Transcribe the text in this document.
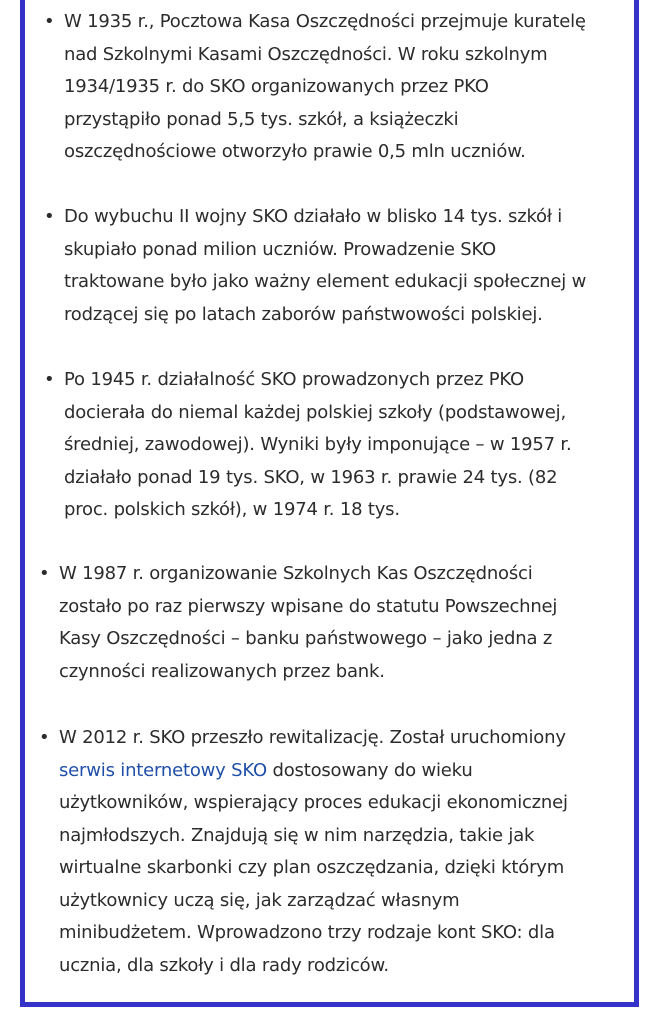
• W 1935 r., Pocztowa Kasa Oszczędności przejmuje kuratelę
nad Szkolnymi Kasami Oszczędności. W roku szkolnym
1934/1935 r. do SKO organizowanych przez PKO
przystąpiło ponad 5,5 tys. szkół, a książeczki
oszczędnościowe otworzyło prawie 0,5 mln uczniów.
• Do wybuchu II wojny SKO działało w blisko 14 tys. szkół i
skupiało ponad milion uczniów. Prowadzenie SKO
traktowane było jako ważny element edukacji społecznej w
rodzącej się po latach zaborów państwowości polskiej.
• Po 1945 r. działalność SKO prowadzonych przez PKO
docierała do niemal każdej polskiej szkoły (podstawowej,
średniej, zawodowej). Wyniki były imponujące – w 1957 r.
działało ponad 19 tys. SKO, w 1963 r. prawie 24 tys. (82
proc. polskich szkół), w 1974 r. 18 tys.
• W 1987 r. organizowanie Szkolnych Kas Oszczędności
zostało po raz pierwszy wpisane do statutu Powszechnej
Kasy Oszczędności – banku państwowego – jako jedna z
czynności realizowanych przez bank.
• W 2012 r. SKO przeszło rewitalizację. Został uruchomiony
serwis internetowy SKO dostosowany do wieku
użytkowników, wspierający proces edukacji ekonomicznej
najmłodszych. Znajdują się w nim narzędzia, takie jak
wirtualne skarbonki czy plan oszczędzania, dzięki którym
użytkownicy uczą się, jak zarządzać własnym
minibudżetem. Wprowadzono trzy rodzaje kont SKO: dla
ucznia, dla szkoły i dla rady rodziców.
